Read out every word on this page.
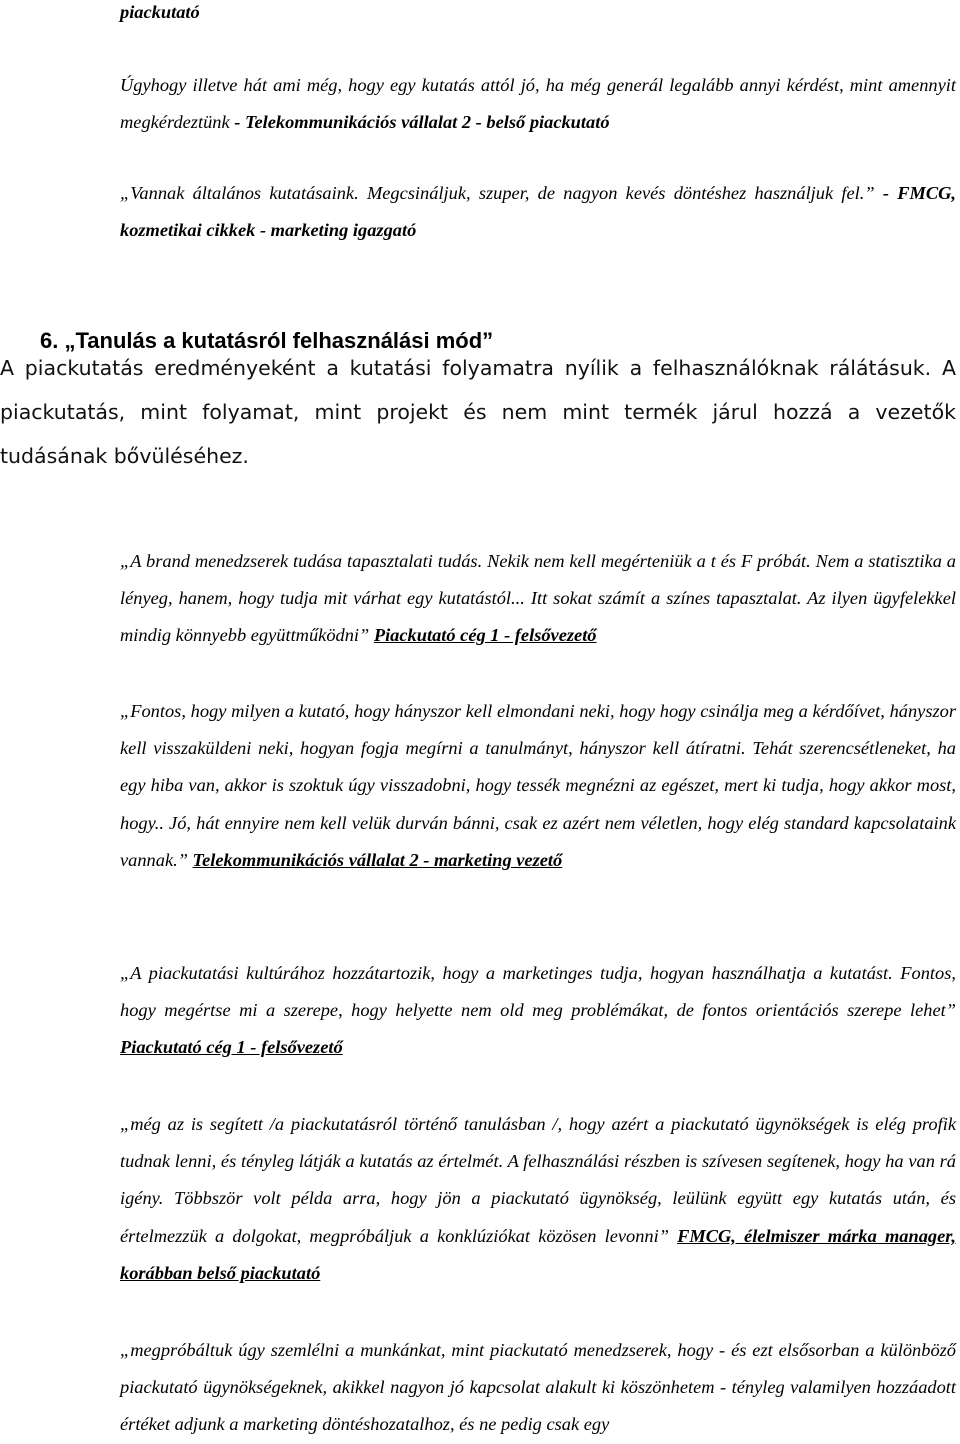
piackutató

Úgyhogy illetve hát ami még, hogy egy kutatás attól jó, ha még generál legalább annyi kérdést, mint amennyit megkérdeztünk - Telekommunikációs vállalat 2 - belső piackutató

„Vannak általános kutatásaink. Megcsináljuk, szuper, de nagyon kevés döntéshez használjuk fel.” - FMCG, kozmetikai cikkek - marketing igazgató

6. „Tanulás a kutatásról felhasználási mód”

A piackutatás eredményeként a kutatási folyamatra nyílik a felhasználóknak rálátásuk. A piackutatás, mint folyamat, mint projekt és nem mint termék járul hozzá a vezetők tudásának bővüléséhez.

„A brand menedzserek tudása tapasztalati tudás. Nekik nem kell megérteniük a t és F próbát. Nem a statisztika a lényeg, hanem, hogy tudja mit várhat egy kutatástól... Itt sokat számít a színes tapasztalat. Az ilyen ügyfelekkel mindig könnyebb együttműködni” Piackutató cég 1 - felsővezető

„Fontos, hogy milyen a kutató, hogy hányszor kell elmondani neki, hogy hogy csinálja meg a kérdőívet, hányszor kell visszaküldeni neki, hogyan fogja megírni a tanulmányt, hányszor kell átíratni. Tehát szerencsétleneket, ha egy hiba van, akkor is szoktuk úgy visszadobni, hogy tessék megnézni az egészet, mert ki tudja, hogy akkor most, hogy.. Jó, hát ennyire nem kell velük durván bánni, csak ez azért nem véletlen, hogy elég standard kapcsolataink vannak.” Telekommunikációs vállalat 2 - marketing vezető

„A piackutatási kultúrához hozzátartozik, hogy a marketinges tudja, hogyan használhatja a kutatást. Fontos, hogy megértse mi a szerepe, hogy helyette nem old meg problémákat, de fontos orientációs szerepe lehet” Piackutató cég 1 - felsővezető

„még az is segített /a piackutatásról történő tanulásban /, hogy azért a piackutató ügynökségek is elég profik tudnak lenni, és tényleg látják a kutatás az értelmét. A felhasználási részben is szívesen segítenek, hogy ha van rá igény. Többször volt példa arra, hogy jön a piackutató ügynökség, leülünk együtt egy kutatás után, és értelmezzük a dolgokat, megpróbáljuk a konklúziókat közösen levonni” FMCG, élelmiszer márka manager, korábban belső piackutató

„megpróbáltuk úgy szemlélni a munkánkat, mint piackutató menedzserek, hogy - és ezt elsősorban a különböző piackutató ügynökségeknek, akikkel nagyon jó kapcsolat alakult ki köszönhetem - tényleg valamilyen hozzáadott értéket adjunk a marketing döntéshozatalhoz, és ne pedig csak egy
